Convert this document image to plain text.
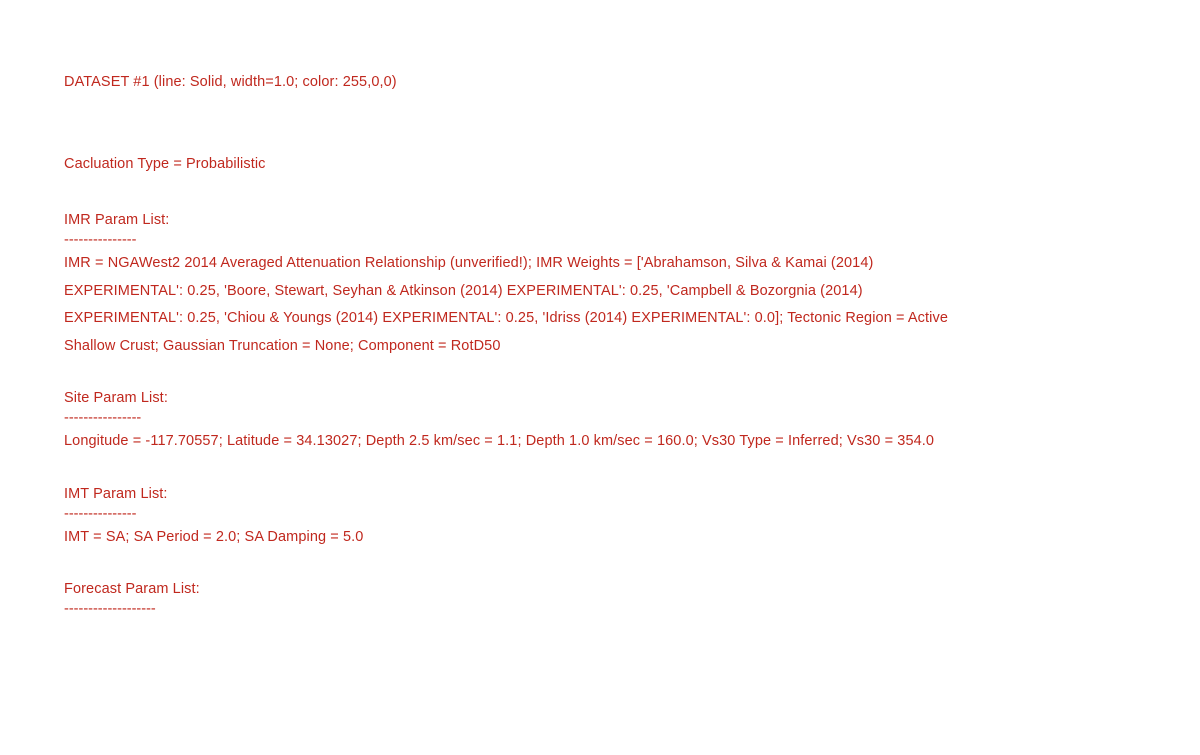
DATASET #1 (line: Solid, width=1.0; color: 255,0,0)
Cacluation Type = Probabilistic
IMR Param List:
---------------
IMR = NGAWest2 2014 Averaged Attenuation Relationship (unverified!); IMR Weights = ['Abrahamson, Silva & Kamai (2014)
EXPERIMENTAL': 0.25, 'Boore, Stewart, Seyhan & Atkinson (2014) EXPERIMENTAL': 0.25, 'Campbell & Bozorgnia (2014)
EXPERIMENTAL': 0.25, 'Chiou & Youngs (2014) EXPERIMENTAL': 0.25, 'Idriss (2014) EXPERIMENTAL': 0.0]; Tectonic Region = Active
Shallow Crust; Gaussian Truncation = None; Component = RotD50
Site Param List:
----------------
Longitude = -117.70557; Latitude = 34.13027; Depth 2.5 km/sec = 1.1; Depth 1.0 km/sec = 160.0; Vs30 Type = Inferred; Vs30 = 354.0
IMT Param List:
---------------
IMT = SA; SA Period = 2.0; SA Damping = 5.0
Forecast Param List:
-------------------
